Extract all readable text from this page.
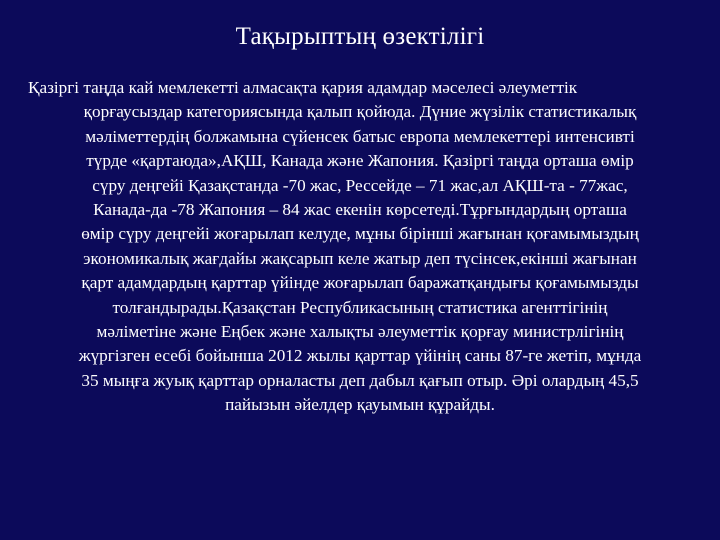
Тақырыптың өзектілігі
Қазіргі таңда кай мемлекетті алмасақта қария адамдар мәселесі әлеуметтік
қорғаусыздар категориясында қалып қойюда. Дүние жүзілік статистикалық
мәліметтердің болжамына сүйенсек батыс европа мемлекеттері интенсивті
түрде «қартаюда»,АҚШ, Канада және Жапония. Қазіргі таңда орташа өмір
сүру деңгейі Қазақстанда -70 жас, Рессейде – 71 жас,ал АҚШ-та - 77жас,
Канада-да -78 Жапония – 84 жас екенін көрсетеді.Тұрғындардың орташа
өмір сүру деңгейі жоғарылап келуде, мұны бірінші жағынан қоғамымыздың
экономикалық жағдайы жақсарып келе жатыр деп түсінсек,екінші жағынан
қарт адамдардың қарттар үйінде жоғарылап баражатқандығы қоғамымызды
толғандырады.Қазақстан Республикасының статистика агенттігінің
мәліметіне және Еңбек және халықты әлеуметтік қорғау министрлігінің
жүргізген есебі бойынша 2012 жылы қарттар үйінің саны 87-ге жетіп, мұнда
35 мыңға жуық қарттар орналасты деп дабыл қағып отыр. Әрі олардың 45,5
пайызын әйелдер қауымын құрайды.
